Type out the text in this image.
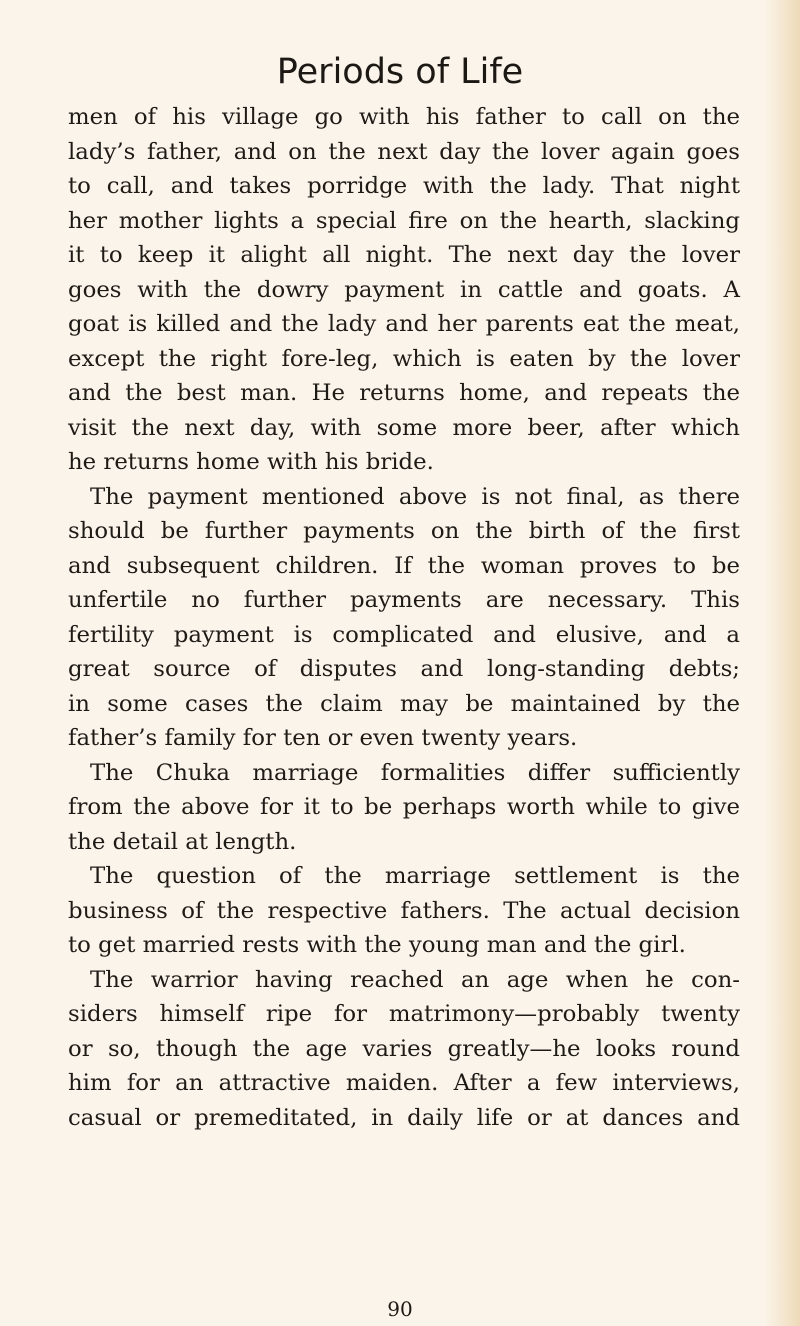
Periods of Life
men of his village go with his father to call on the
lady’s father, and on the next day the lover again goes
to call, and takes porridge with the lady. That night
her mother lights a special fire on the hearth, slacking
it to keep it alight all night. The next day the lover
goes with the dowry payment in cattle and goats. A
goat is killed and the lady and her parents eat the meat,
except the right fore-leg, which is eaten by the lover
and the best man. He returns home, and repeats the
visit the next day, with some more beer, after which
he returns home with his bride.
The payment mentioned above is not final, as there
should be further payments on the birth of the first
and subsequent children. If the woman proves to be
unfertile no further payments are necessary. This
fertility payment is complicated and elusive, and a
great source of disputes and long-standing debts;
in some cases the claim may be maintained by the
father’s family for ten or even twenty years.
The Chuka marriage formalities differ sufficiently
from the above for it to be perhaps worth while to give
the detail at length.
The question of the marriage settlement is the
business of the respective fathers. The actual decision
to get married rests with the young man and the girl.
The warrior having reached an age when he con-
siders himself ripe for matrimony—probably twenty
or so, though the age varies greatly—he looks round
him for an attractive maiden. After a few interviews,
casual or premeditated, in daily life or at dances and
90
